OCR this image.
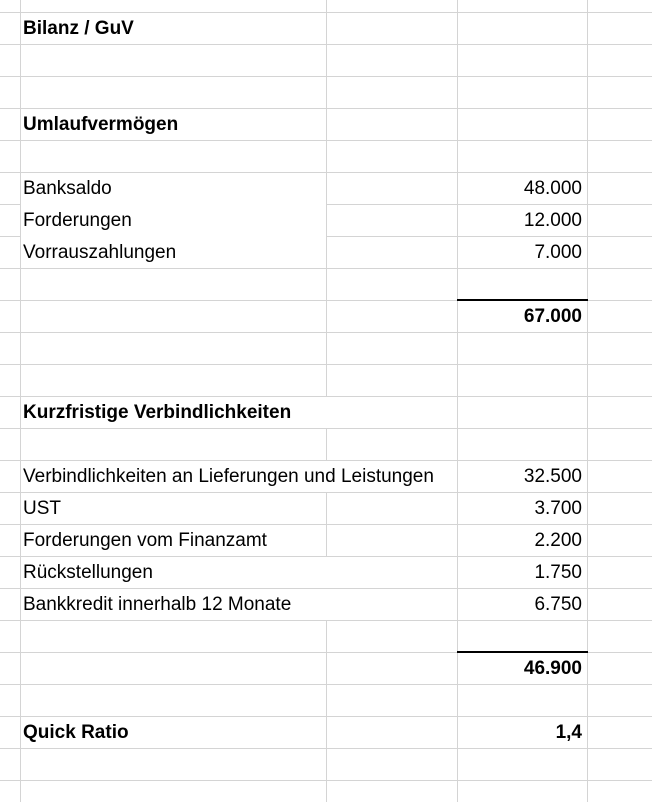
Bilanz / GuV
Umlaufvermögen
Banksaldo	48.000
Forderungen	12.000
Vorrauszahlungen	7.000
67.000
Kurzfristige Verbindlichkeiten
Verbindlichkeiten an Lieferungen und Leistungen	32.500
UST	3.700
Forderungen vom Finanzamt	2.200
Rückstellungen	1.750
Bankkredit innerhalb 12 Monate	6.750
46.900
Quick Ratio	1,4
